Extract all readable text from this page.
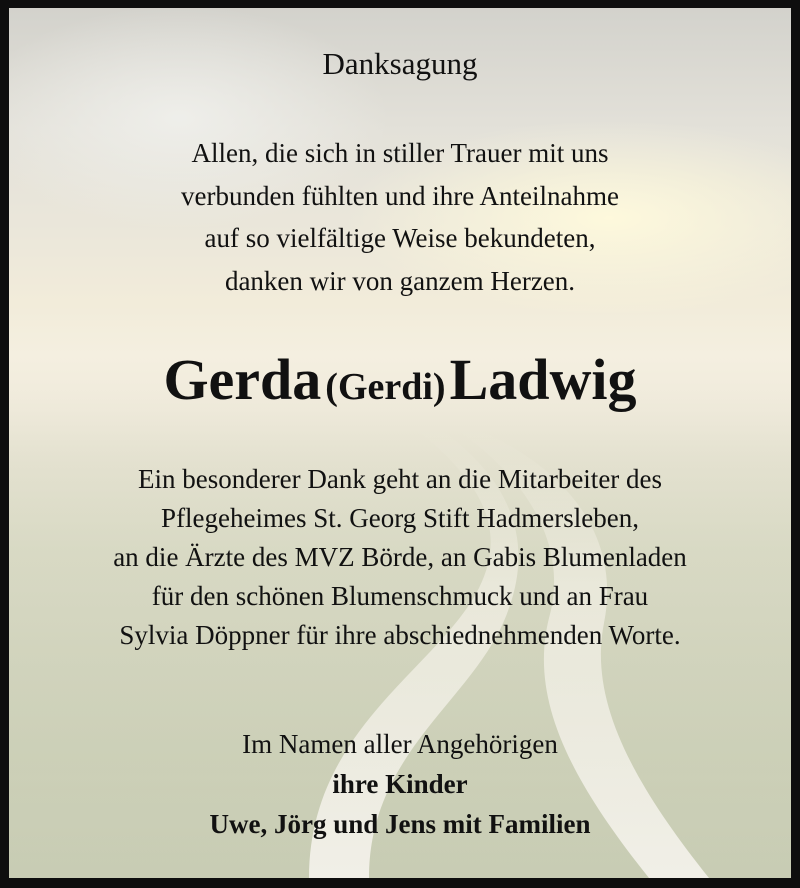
Danksagung
Allen, die sich in stiller Trauer mit uns
verbunden fühlten und ihre Anteilnahme
auf so vielfältige Weise bekundeten,
danken wir von ganzem Herzen.
Gerda (Gerdi) Ladwig
Ein besonderer Dank geht an die Mitarbeiter des
Pflegeheimes St. Georg Stift Hadmersleben,
an die Ärzte des MVZ Börde, an Gabis Blumenladen
für den schönen Blumenschmuck und an Frau
Sylvia Döppner für ihre abschiednehmenden Worte.
Im Namen aller Angehörigen
ihre Kinder
Uwe, Jörg und Jens mit Familien
